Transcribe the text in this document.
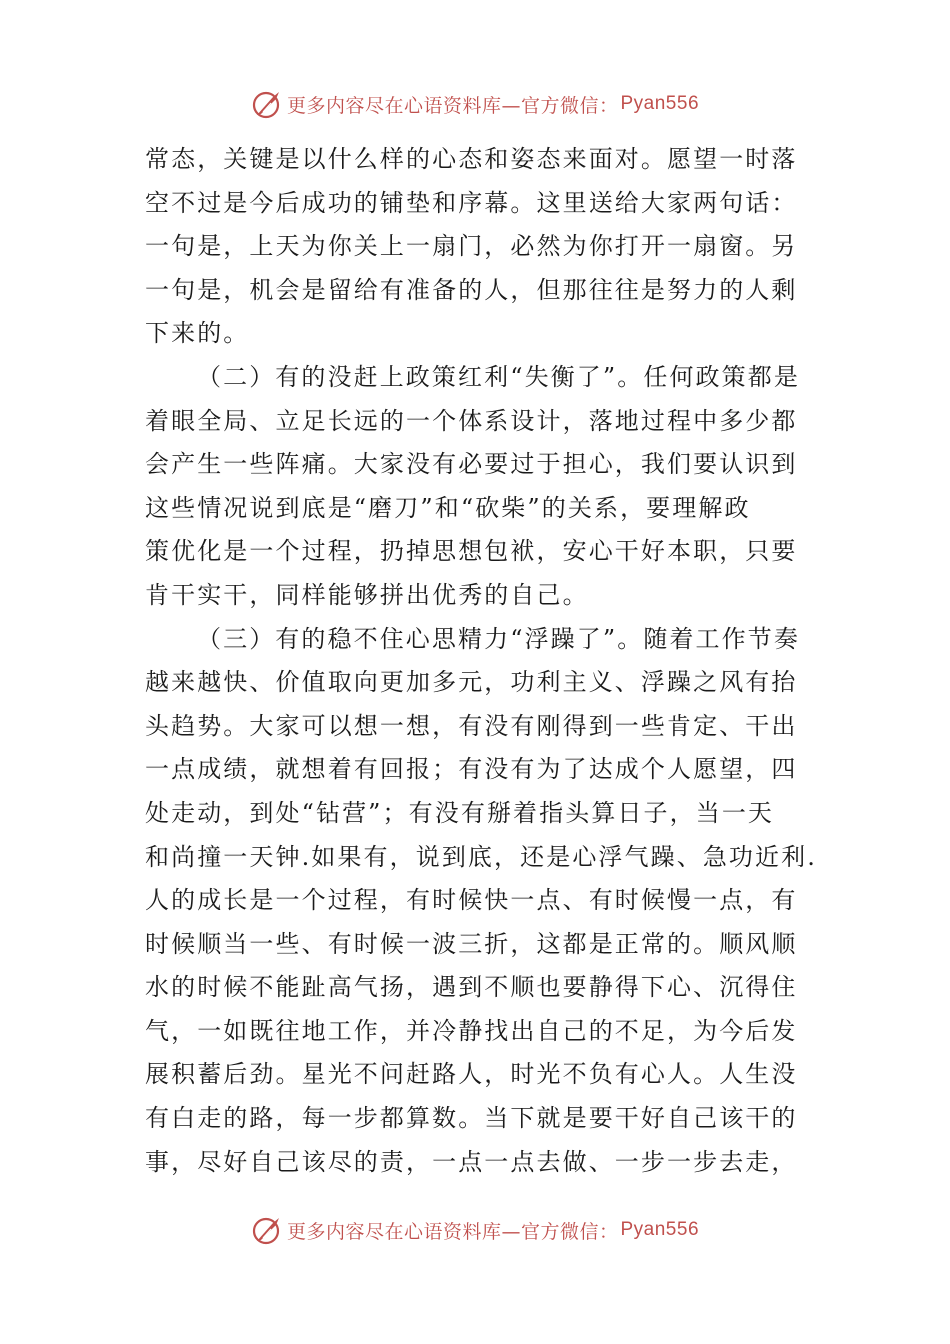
更多内容尽在心语资料库—官方微信： Pyan556
常态，关键是以什么样的心态和姿态来面对。愿望一时落
空不过是今后成功的铺垫和序幕。这里送给大家两句话：
一句是，上天为你关上一扇门，必然为你打开一扇窗。另
一句是，机会是留给有准备的人，但那往往是努力的人剩
下来的。
（二）有的没赶上政策红利“失衡了”。任何政策都是
着眼全局、立足长远的一个体系设计，落地过程中多少都
会产生一些阵痛。大家没有必要过于担心，我们要认识到
这些情况说到底是“磨刀”和“砍柴”的关系，要理解政
策优化是一个过程，扔掉思想包袱，安心干好本职，只要
肯干实干，同样能够拼出优秀的自己。
（三）有的稳不住心思精力“浮躁了”。随着工作节奏
越来越快、价值取向更加多元，功利主义、浮躁之风有抬
头趋势。大家可以想一想，有没有刚得到一些肯定、干出
一点成绩，就想着有回报；有没有为了达成个人愿望，四
处走动，到处“钻营”；有没有掰着指头算日子，当一天
和尚撞一天钟.如果有，说到底，还是心浮气躁、急功近利.
人的成长是一个过程，有时候快一点、有时候慢一点，有
时候顺当一些、有时候一波三折，这都是正常的。顺风顺
水的时候不能趾高气扬，遇到不顺也要静得下心、沉得住
气，一如既往地工作，并冷静找出自己的不足，为今后发
展积蓄后劲。星光不问赶路人，时光不负有心人。人生没
有白走的路，每一步都算数。当下就是要干好自己该干的
事，尽好自己该尽的责，一点一点去做、一步一步去走，
更多内容尽在心语资料库—官方微信： Pyan556
